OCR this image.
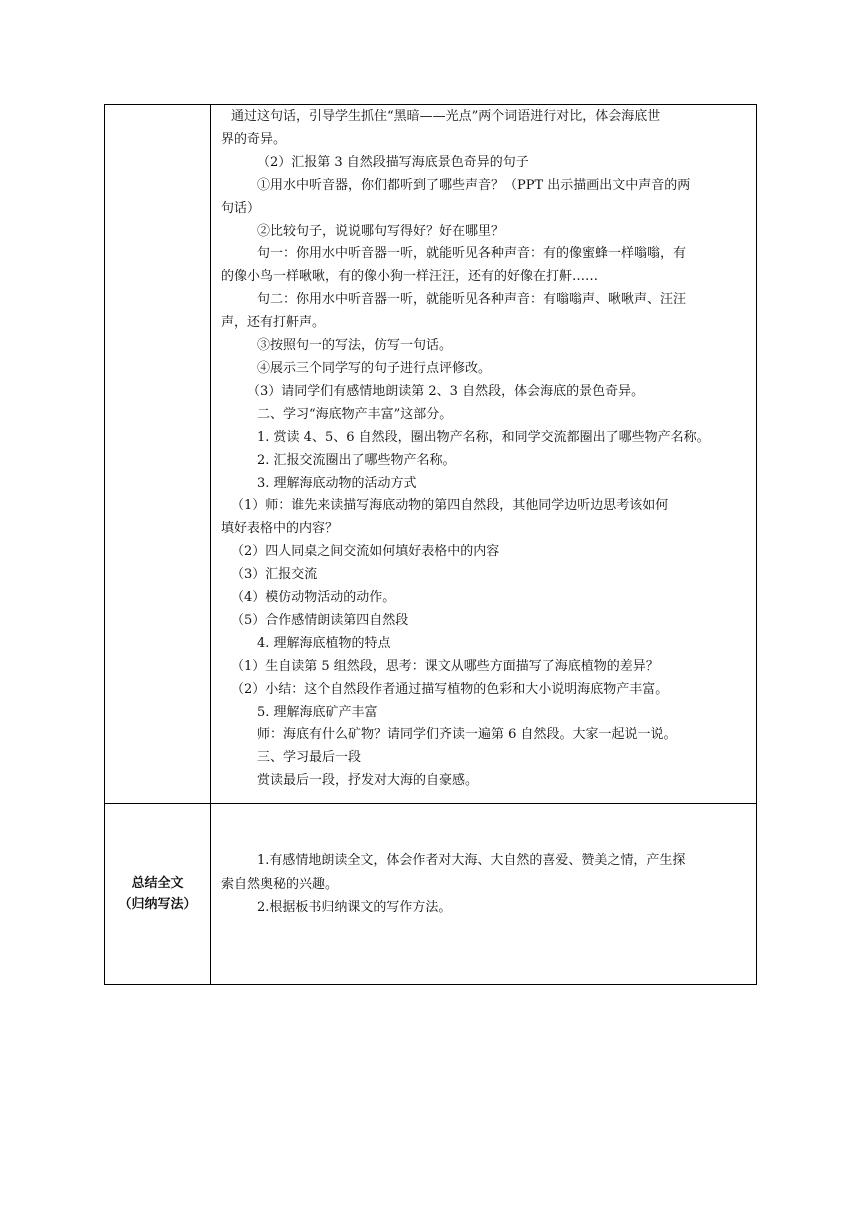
通过这句话，引导学生抓住“黑暗——光点”两个词语进行对比，体会海底世
界的奇异。
（2）汇报第 3 自然段描写海底景色奇异的句子
①用水中听音器，你们都听到了哪些声音？（PPT 出示描画出文中声音的两
句话）
②比较句子，说说哪句写得好？好在哪里？
句一：你用水中听音器一听，就能听见各种声音：有的像蜜蜂一样嗡嗡，有
的像小鸟一样啾啾，有的像小狗一样汪汪，还有的好像在打鼾……
句二：你用水中听音器一听，就能听见各种声音：有嗡嗡声、啾啾声、汪汪
声，还有打鼾声。
③按照句一的写法，仿写一句话。
④展示三个同学写的句子进行点评修改。
（3）请同学们有感情地朗读第 2、3 自然段，体会海底的景色奇异。
二、学习“海底物产丰富”这部分。
1. 赏读 4、5、6 自然段，圈出物产名称，和同学交流都圈出了哪些物产名称。
2. 汇报交流圈出了哪些物产名称。
3. 理解海底动物的活动方式
（1）师：谁先来读描写海底动物的第四自然段，其他同学边听边思考该如何
填好表格中的内容？
（2）四人同桌之间交流如何填好表格中的内容
（3）汇报交流
（4）模仿动物活动的动作。
（5）合作感情朗读第四自然段
4. 理解海底植物的特点
（1）生自读第 5 组然段，思考：课文从哪些方面描写了海底植物的差异？
（2）小结：这个自然段作者通过描写植物的色彩和大小说明海底物产丰富。
5. 理解海底矿产丰富
师：海底有什么矿物？请同学们齐读一遍第 6 自然段。大家一起说一说。
三、学习最后一段
赏读最后一段，抒发对大海的自豪感。
总结全文
（归纳写法）
1.有感情地朗读全文，体会作者对大海、大自然的喜爱、赞美之情，产生探
索自然奥秘的兴趣。
2.根据板书归纳课文的写作方法。
